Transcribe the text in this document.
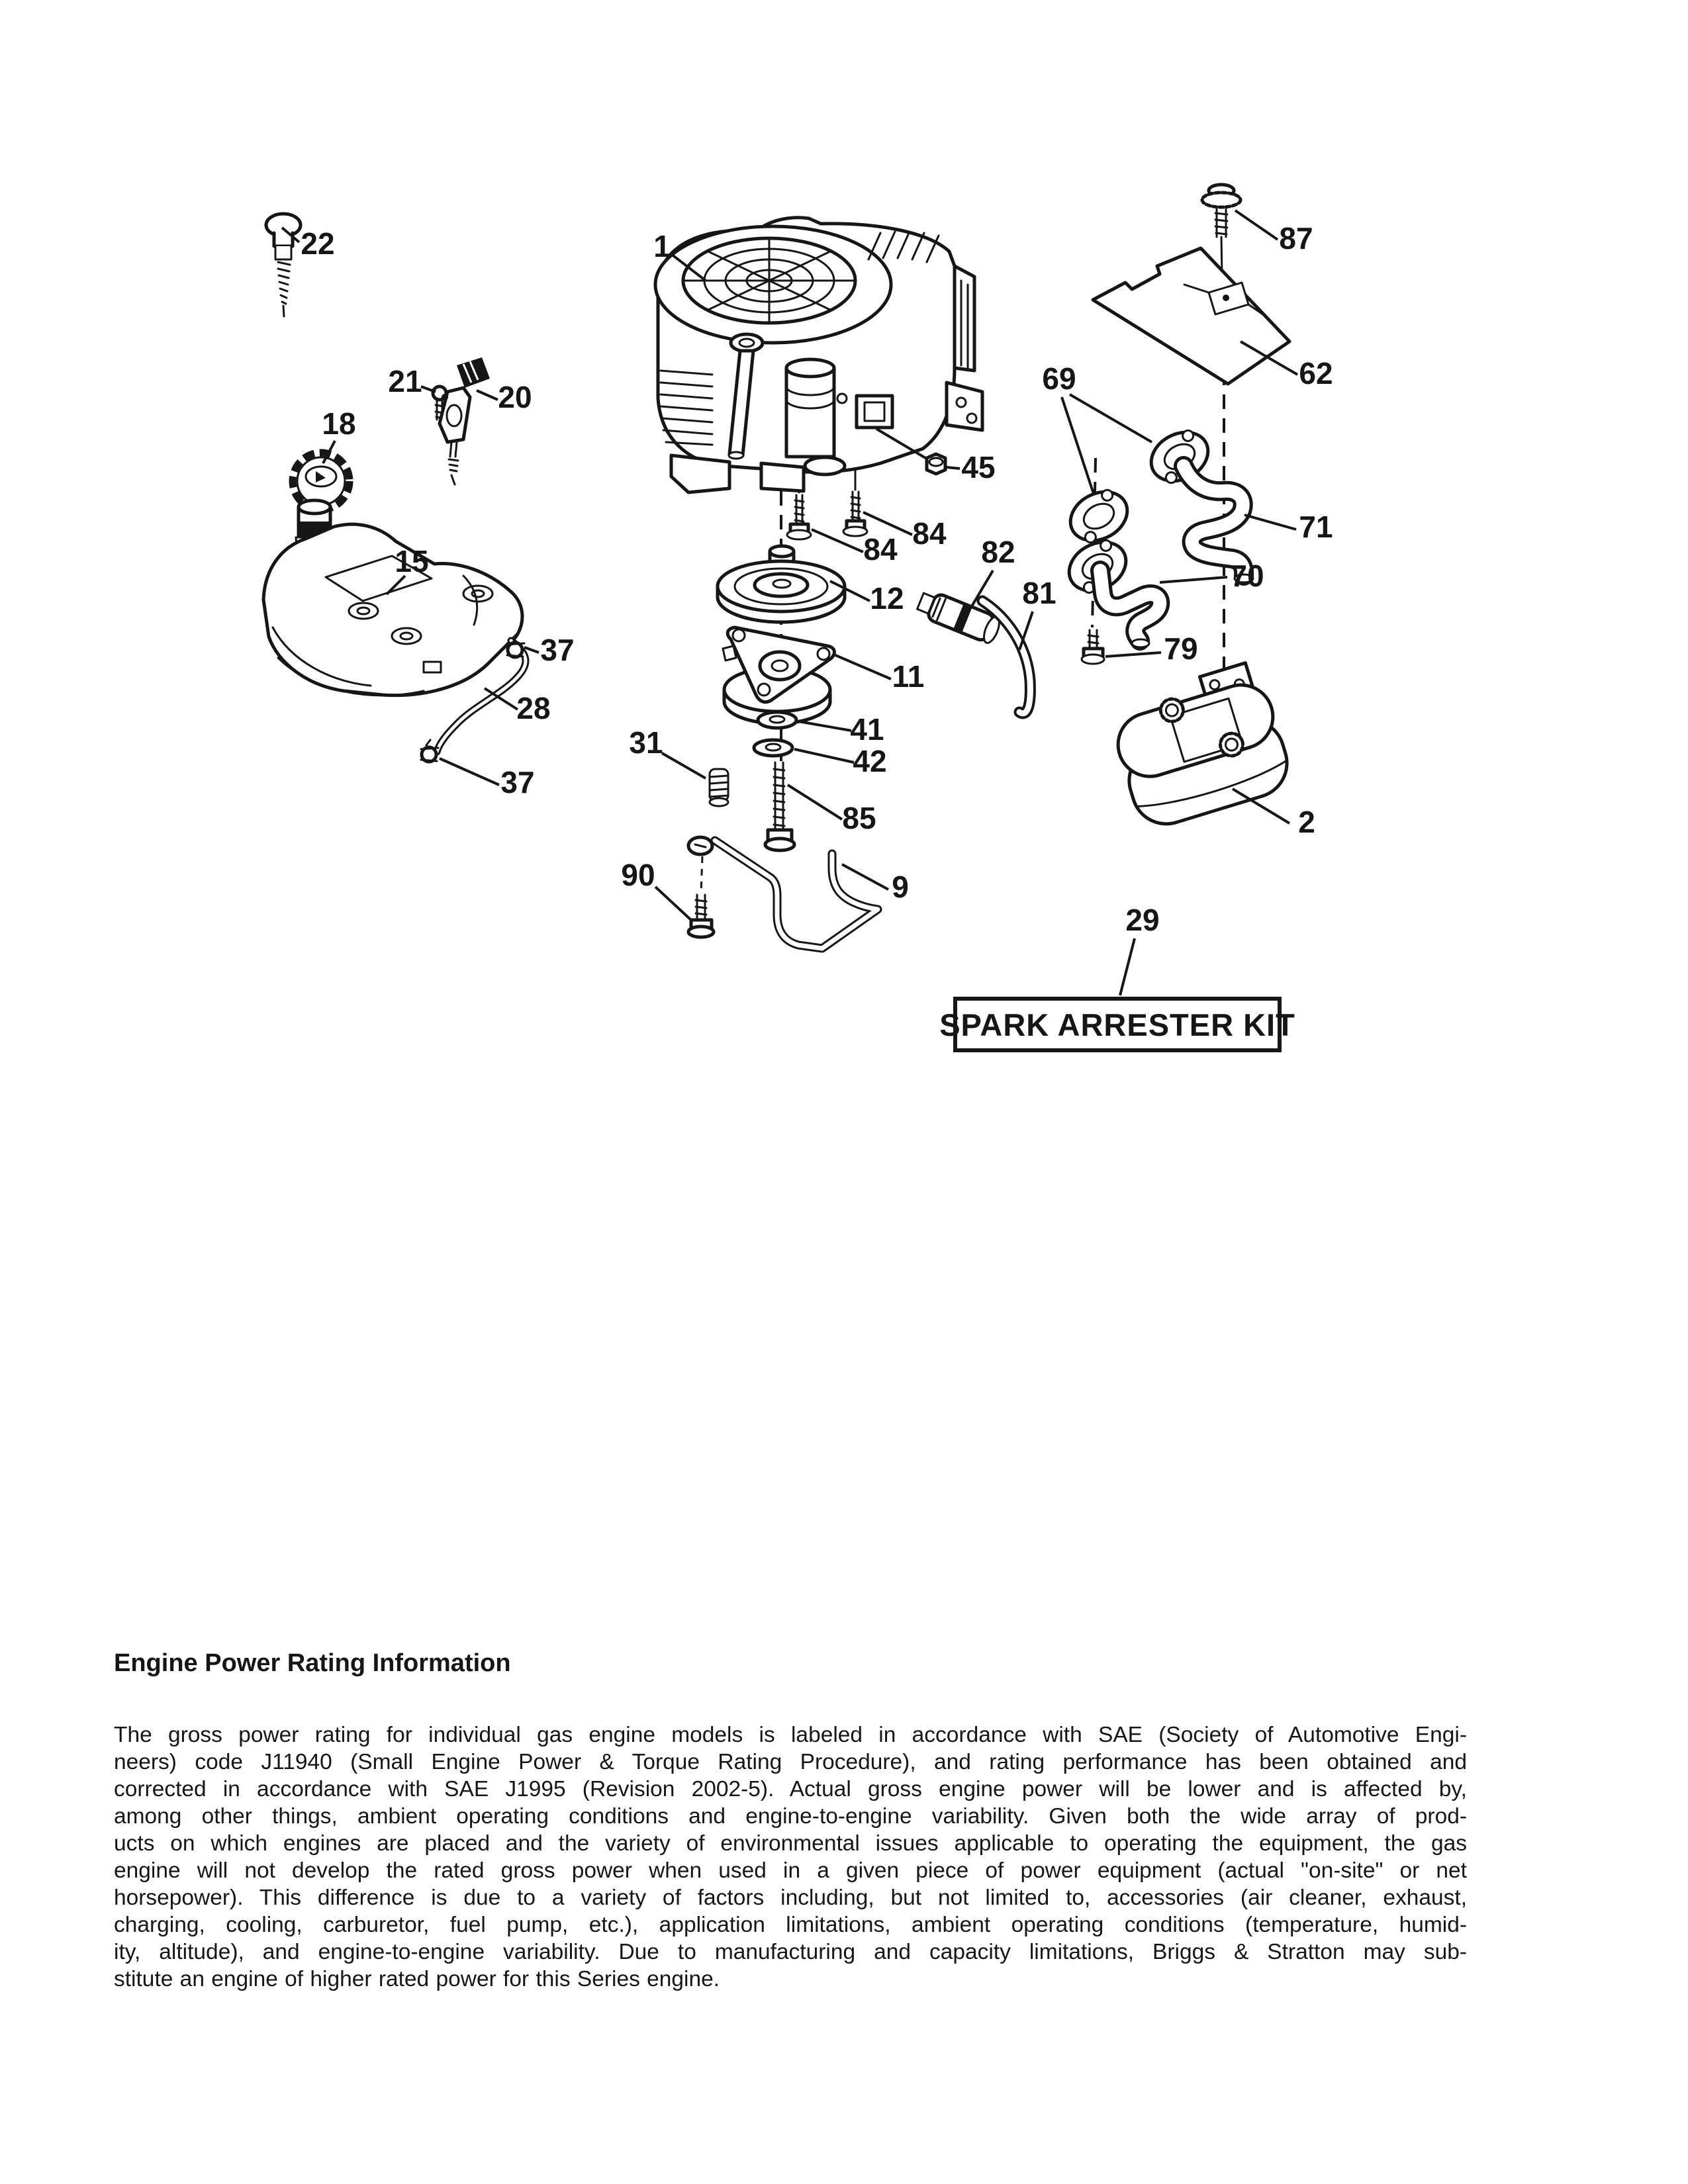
22
21 20
18
15
37
28
37
1
45
84
84
12
11
41
42
31
85
90	9
87
62
69
71
70
82
81
79
2
29
SPARK ARRESTER KIT
Engine Power Rating Information
The gross power rating for individual gas engine models is labeled in accordance with SAE (Society of Automotive Engi-
neers) code J11940 (Small Engine Power & Torque Rating Procedure), and rating performance has been obtained and
corrected in accordance with SAE J1995 (Revision 2002-5). Actual gross engine power will be lower and is affected by,
among other things, ambient operating conditions and engine-to-engine variability. Given both the wide array of prod-
ucts on which engines are placed and the variety of environmental issues applicable to operating the equipment, the gas
engine will not develop the rated gross power when used in a given piece of power equipment (actual "on-site" or net
horsepower). This difference is due to a variety of factors including, but not limited to, accessories (air cleaner, exhaust,
charging, cooling, carburetor, fuel pump, etc.), application limitations, ambient operating conditions (temperature, humid-
ity, altitude), and engine-to-engine variability. Due to manufacturing and capacity limitations, Briggs & Stratton may sub-
stitute an engine of higher rated power for this Series engine.
